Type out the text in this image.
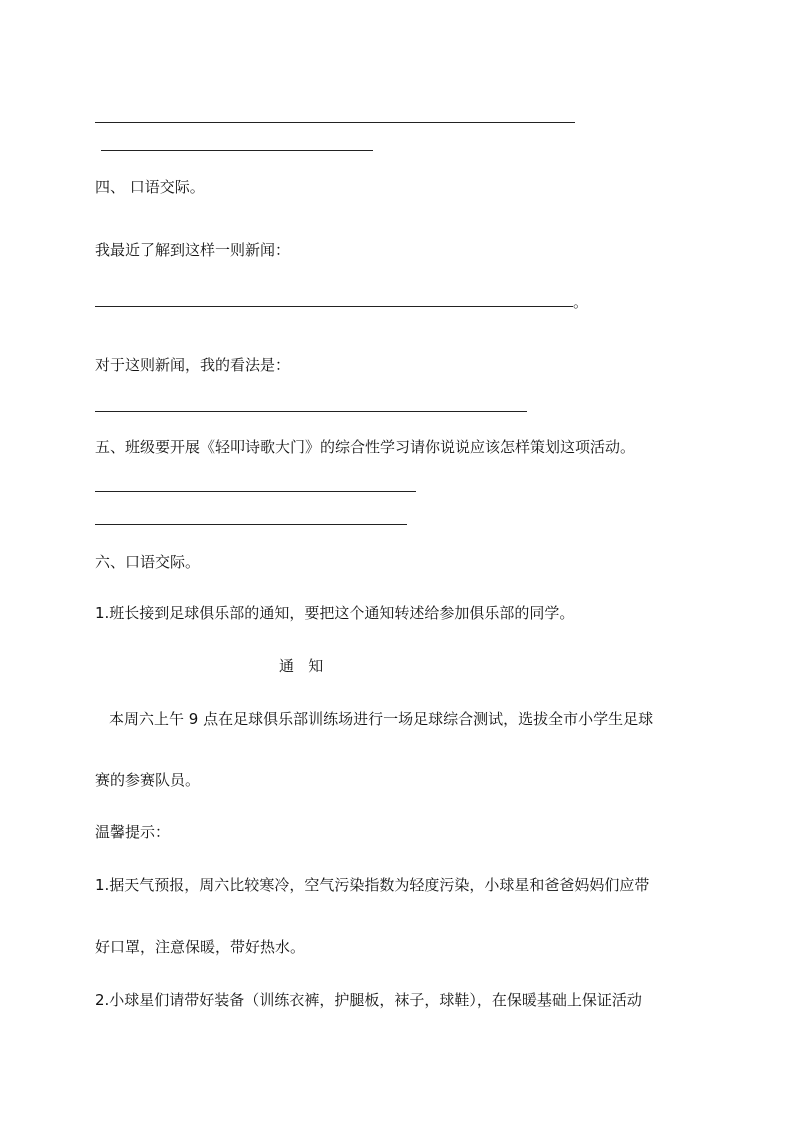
四、 口语交际。
我最近了解到这样一则新闻：
。
对于这则新闻，我的看法是：
五、班级要开展《轻叩诗歌大门》的综合性学习请你说说应该怎样策划这项活动。
六、口语交际。
1.班长接到足球俱乐部的通知，要把这个通知转述给参加俱乐部的同学。
通   知
本周六上午 9 点在足球俱乐部训练场进行一场足球综合测试，选拔全市小学生足球
赛的参赛队员。
温馨提示：
1.据天气预报，周六比较寒冷，空气污染指数为轻度污染，小球星和爸爸妈妈们应带
好口罩，注意保暖，带好热水。
2.小球星们请带好装备（训练衣裤，护腿板，袜子，球鞋），在保暖基础上保证活动
